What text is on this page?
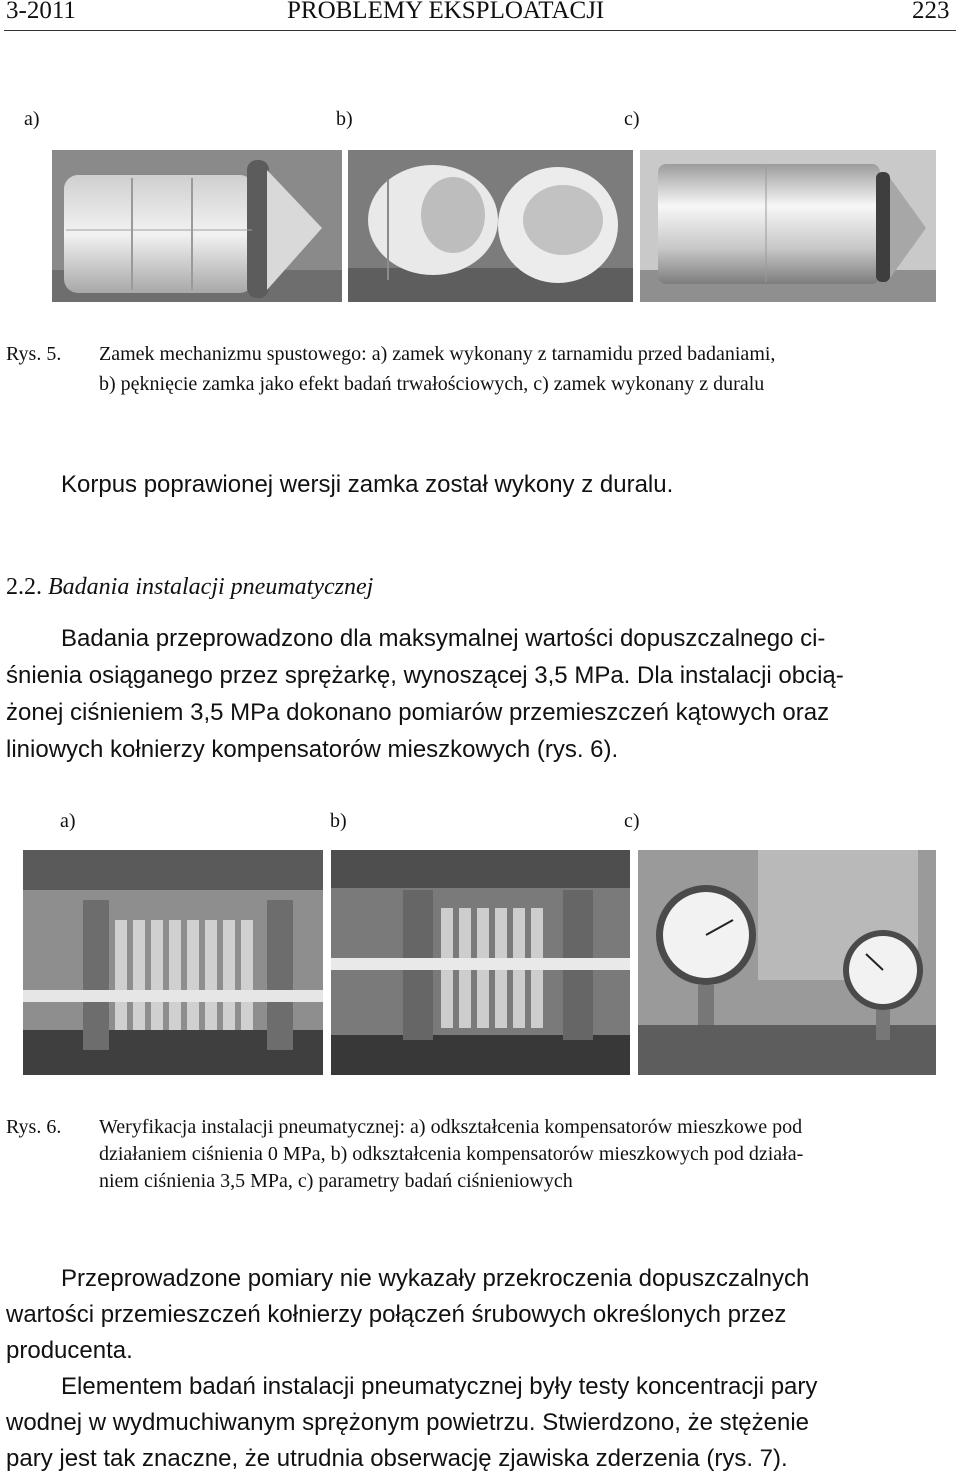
3-2011	PROBLEMY EKSPLOATACJI	223
a)	b)	c)
Rys. 5. Zamek mechanizmu spustowego: a) zamek wykonany z tarnamidu przed badaniami,
b) pęknięcie zamka jako efekt badań trwałościowych, c) zamek wykonany z duralu
Korpus poprawionej wersji zamka został wykony z duralu.
2.2. Badania instalacji pneumatycznej
Badania przeprowadzono dla maksymalnej wartości dopuszczalnego ci-
śnienia osiąganego przez sprężarkę, wynoszącej 3,5 MPa. Dla instalacji obcią-
żonej ciśnieniem 3,5 MPa dokonano pomiarów przemieszczeń kątowych oraz
liniowych kołnierzy kompensatorów mieszkowych (rys. 6).
a)	b)	c)
Rys. 6. Weryfikacja instalacji pneumatycznej: a) odkształcenia kompensatorów mieszkowe pod
działaniem ciśnienia 0 MPa, b) odkształcenia kompensatorów mieszkowych pod działa-
niem ciśnienia 3,5 MPa, c) parametry badań ciśnieniowych
Przeprowadzone pomiary nie wykazały przekroczenia dopuszczalnych
wartości przemieszczeń kołnierzy połączeń śrubowych określonych przez
producenta.
Elementem badań instalacji pneumatycznej były testy koncentracji pary
wodnej w wydmuchiwanym sprężonym powietrzu. Stwierdzono, że stężenie
pary jest tak znaczne, że utrudnia obserwację zjawiska zderzenia (rys. 7).
